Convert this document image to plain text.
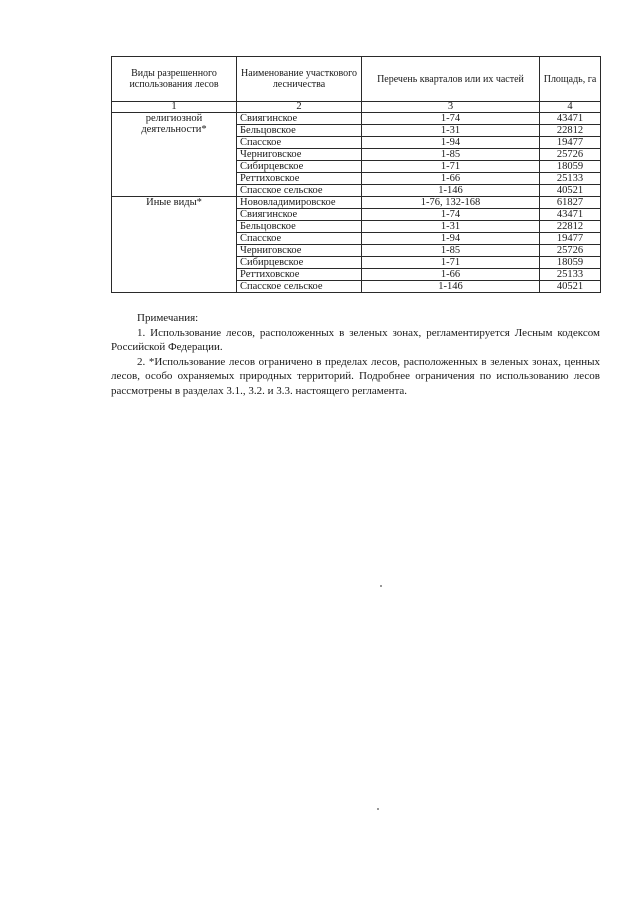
Виды разрешенного использования лесов	Наименование участкового лесничества	Перечень кварталов или их частей	Площадь, га
1	2	3	4
религиозной деятельности*	Свиягинское	1-74	43471
	Бельцовское	1-31	22812
	Спасское	1-94	19477
	Черниговское	1-85	25726
	Сибирцевское	1-71	18059
	Реттиховское	1-66	25133
	Спасское сельское	1-146	40521
Иные виды*	Нововладимировское	1-76, 132-168	61827
	Свиягинское	1-74	43471
	Бельцовское	1-31	22812
	Спасское	1-94	19477
	Черниговское	1-85	25726
	Сибирцевское	1-71	18059
	Реттиховское	1-66	25133
	Спасское сельское	1-146	40521

Примечания:

1. Использование лесов, расположенных в зеленых зонах, регламентируется Лесным кодексом Российской Федерации.

2. *Использование лесов ограничено в пределах лесов, расположенных в зеленых зонах, ценных лесов, особо охраняемых природных территорий. Подробнее ограничения по использованию лесов рассмотрены в разделах 3.1., 3.2. и 3.3. настоящего регламента.
